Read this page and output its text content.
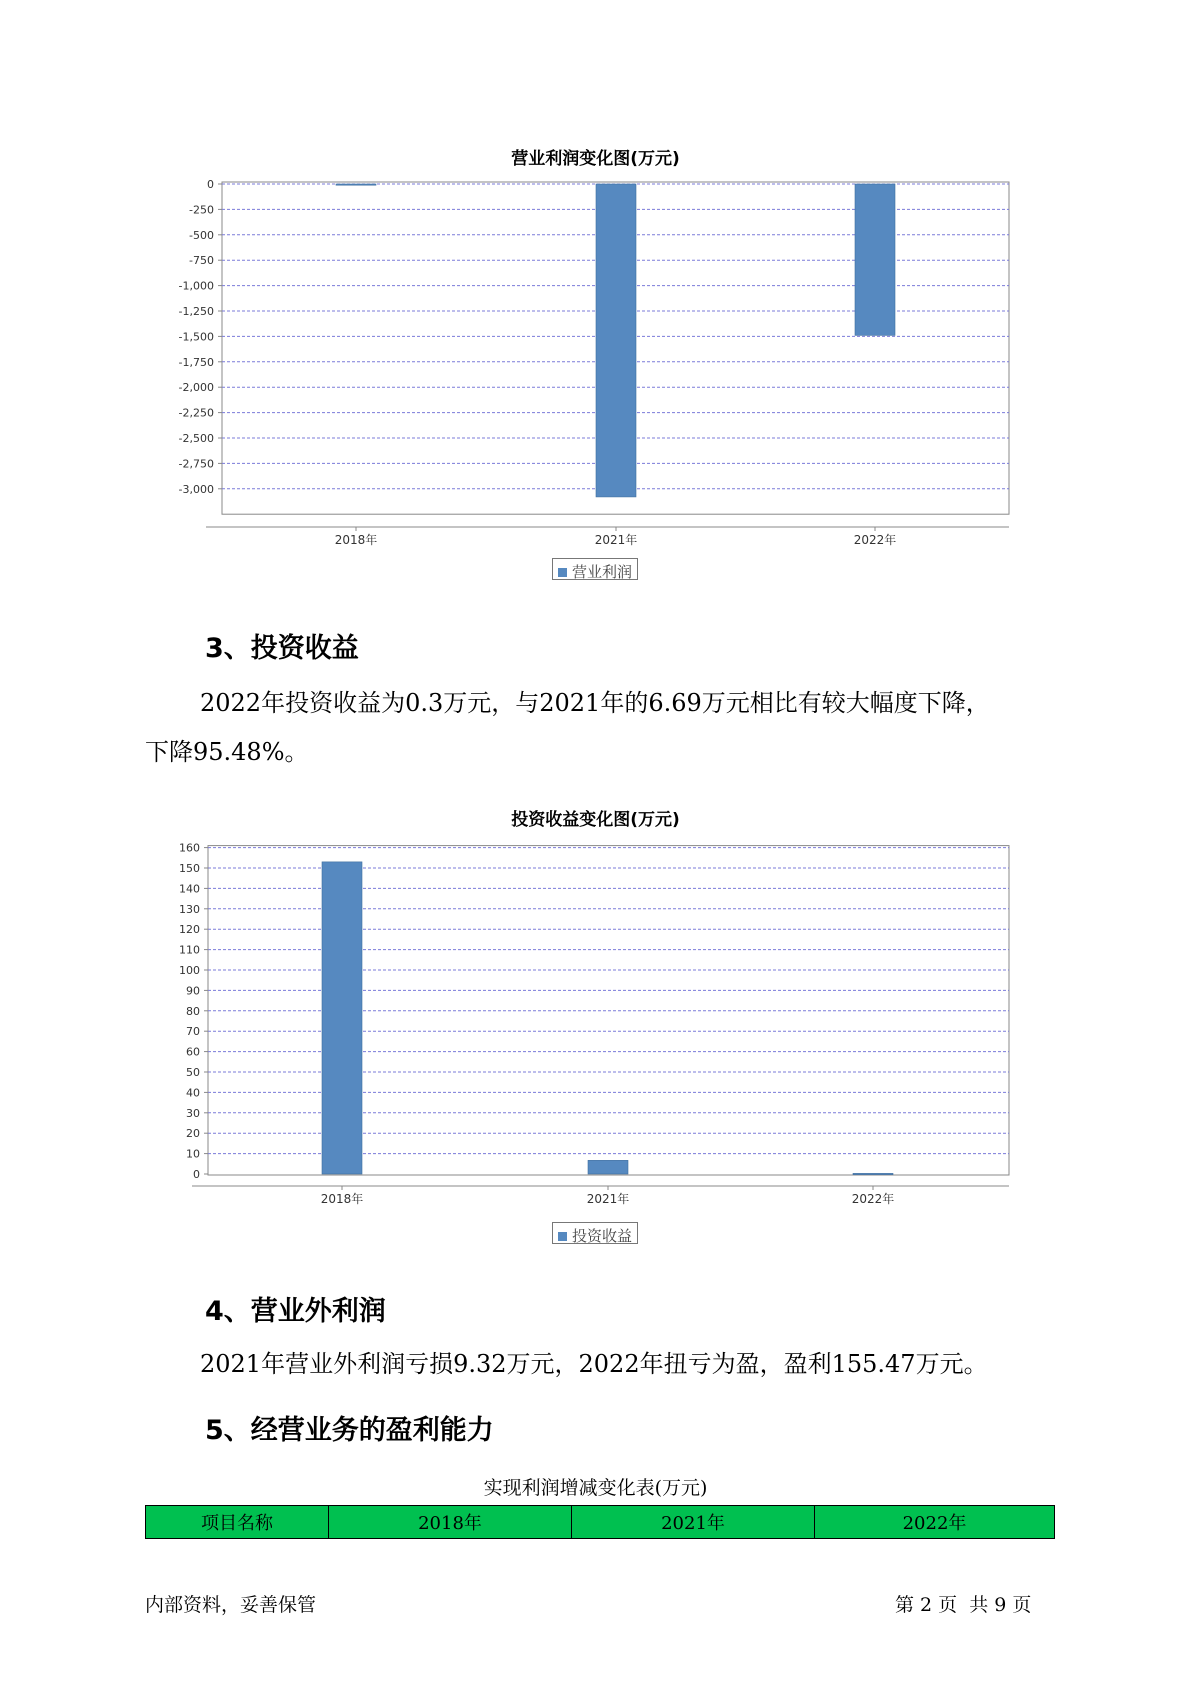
营业利润变化图(万元)
0
-250
-500
-750
-1,000
-1,250
-1,500
-1,750
-2,000
-2,250
-2,500
-2,750
-3,000
2018年	2021年	2022年
营业利润
3、投资收益
2022年投资收益为0.3万元，与2021年的6.69万元相比有较大幅度下降，
下降95.48%。
投资收益变化图(万元)
0
10
20
30
40
50
60
70
80
90
100
110
120
130
140
150
160
2018年	2021年	2022年
投资收益
4、营业外利润
2021年营业外利润亏损9.32万元，2022年扭亏为盈，盈利155.47万元。
5、经营业务的盈利能力
实现利润增减变化表(万元)
项目名称	2018年	2021年	2022年
内部资料，妥善保管	第 2 页  共 9 页
